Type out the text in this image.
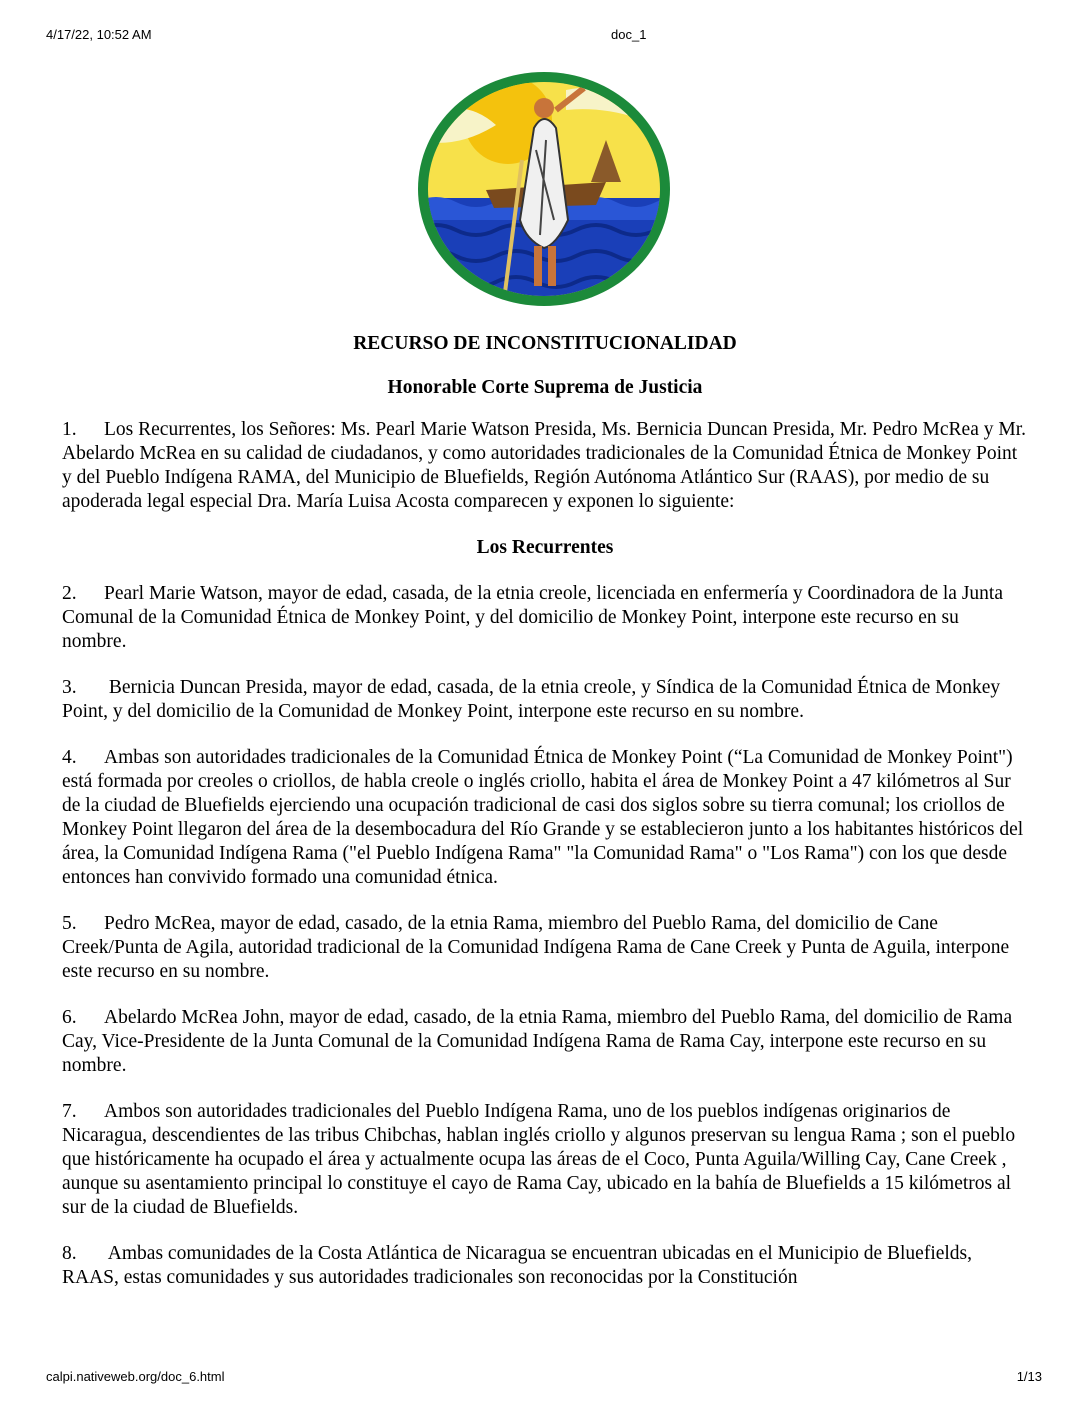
4/17/22, 10:52 AM	doc_1
RECURSO DE INCONSTITUCIONALIDAD
Honorable Corte Suprema de Justicia

1. Los Recurrentes, los Señores: Ms. Pearl Marie Watson Presida, Ms. Bernicia Duncan Presida, Mr. Pedro McRea y Mr. Abelardo McRea en su calidad de ciudadanos, y como autoridades tradicionales de la Comunidad Étnica de Monkey Point y del Pueblo Indígena RAMA, del Municipio de Bluefields, Región Autónoma Atlántico Sur (RAAS), por medio de su apoderada legal especial Dra. María Luisa Acosta comparecen y exponen lo siguiente:

Los Recurrentes

2. Pearl Marie Watson, mayor de edad, casada, de la etnia creole, licenciada en enfermería y Coordinadora de la Junta Comunal de la Comunidad Étnica de Monkey Point, y del domicilio de Monkey Point, interpone este recurso en su nombre.

3. Bernicia Duncan Presida, mayor de edad, casada, de la etnia creole, y Síndica de la Comunidad Étnica de Monkey Point, y del domicilio de la Comunidad de Monkey Point, interpone este recurso en su nombre.

4. Ambas son autoridades tradicionales de la Comunidad Étnica de Monkey Point (“La Comunidad de Monkey Point") está formada por creoles o criollos, de habla creole o inglés criollo, habita el área de Monkey Point a 47 kilómetros al Sur de la ciudad de Bluefields ejerciendo una ocupación tradicional de casi dos siglos sobre su tierra comunal; los criollos de Monkey Point llegaron del área de la desembocadura del Río Grande y se establecieron junto a los habitantes históricos del área, la Comunidad Indígena Rama ("el Pueblo Indígena Rama" "la Comunidad Rama" o "Los Rama") con los que desde entonces han convivido formado una comunidad étnica.

5. Pedro McRea, mayor de edad, casado, de la etnia Rama, miembro del Pueblo Rama, del domicilio de Cane Creek/Punta de Agila, autoridad tradicional de la Comunidad Indígena Rama de Cane Creek y Punta de Aguila, interpone este recurso en su nombre.

6. Abelardo McRea John, mayor de edad, casado, de la etnia Rama, miembro del Pueblo Rama, del domicilio de Rama Cay, Vice-Presidente de la Junta Comunal de la Comunidad Indígena Rama de Rama Cay, interpone este recurso en su nombre.

7. Ambos son autoridades tradicionales del Pueblo Indígena Rama, uno de los pueblos indígenas originarios de Nicaragua, descendientes de las tribus Chibchas, hablan inglés criollo y algunos preservan su lengua Rama ; son el pueblo que históricamente ha ocupado el área y actualmente ocupa las áreas de el Coco, Punta Aguila/Willing Cay, Cane Creek , aunque su asentamiento principal lo constituye el cayo de Rama Cay, ubicado en la bahía de Bluefields a 15 kilómetros al sur de la ciudad de Bluefields.

8. Ambas comunidades de la Costa Atlántica de Nicaragua se encuentran ubicadas en el Municipio de Bluefields, RAAS, estas comunidades y sus autoridades tradicionales son reconocidas por la Constitución

calpi.nativeweb.org/doc_6.html	1/13
